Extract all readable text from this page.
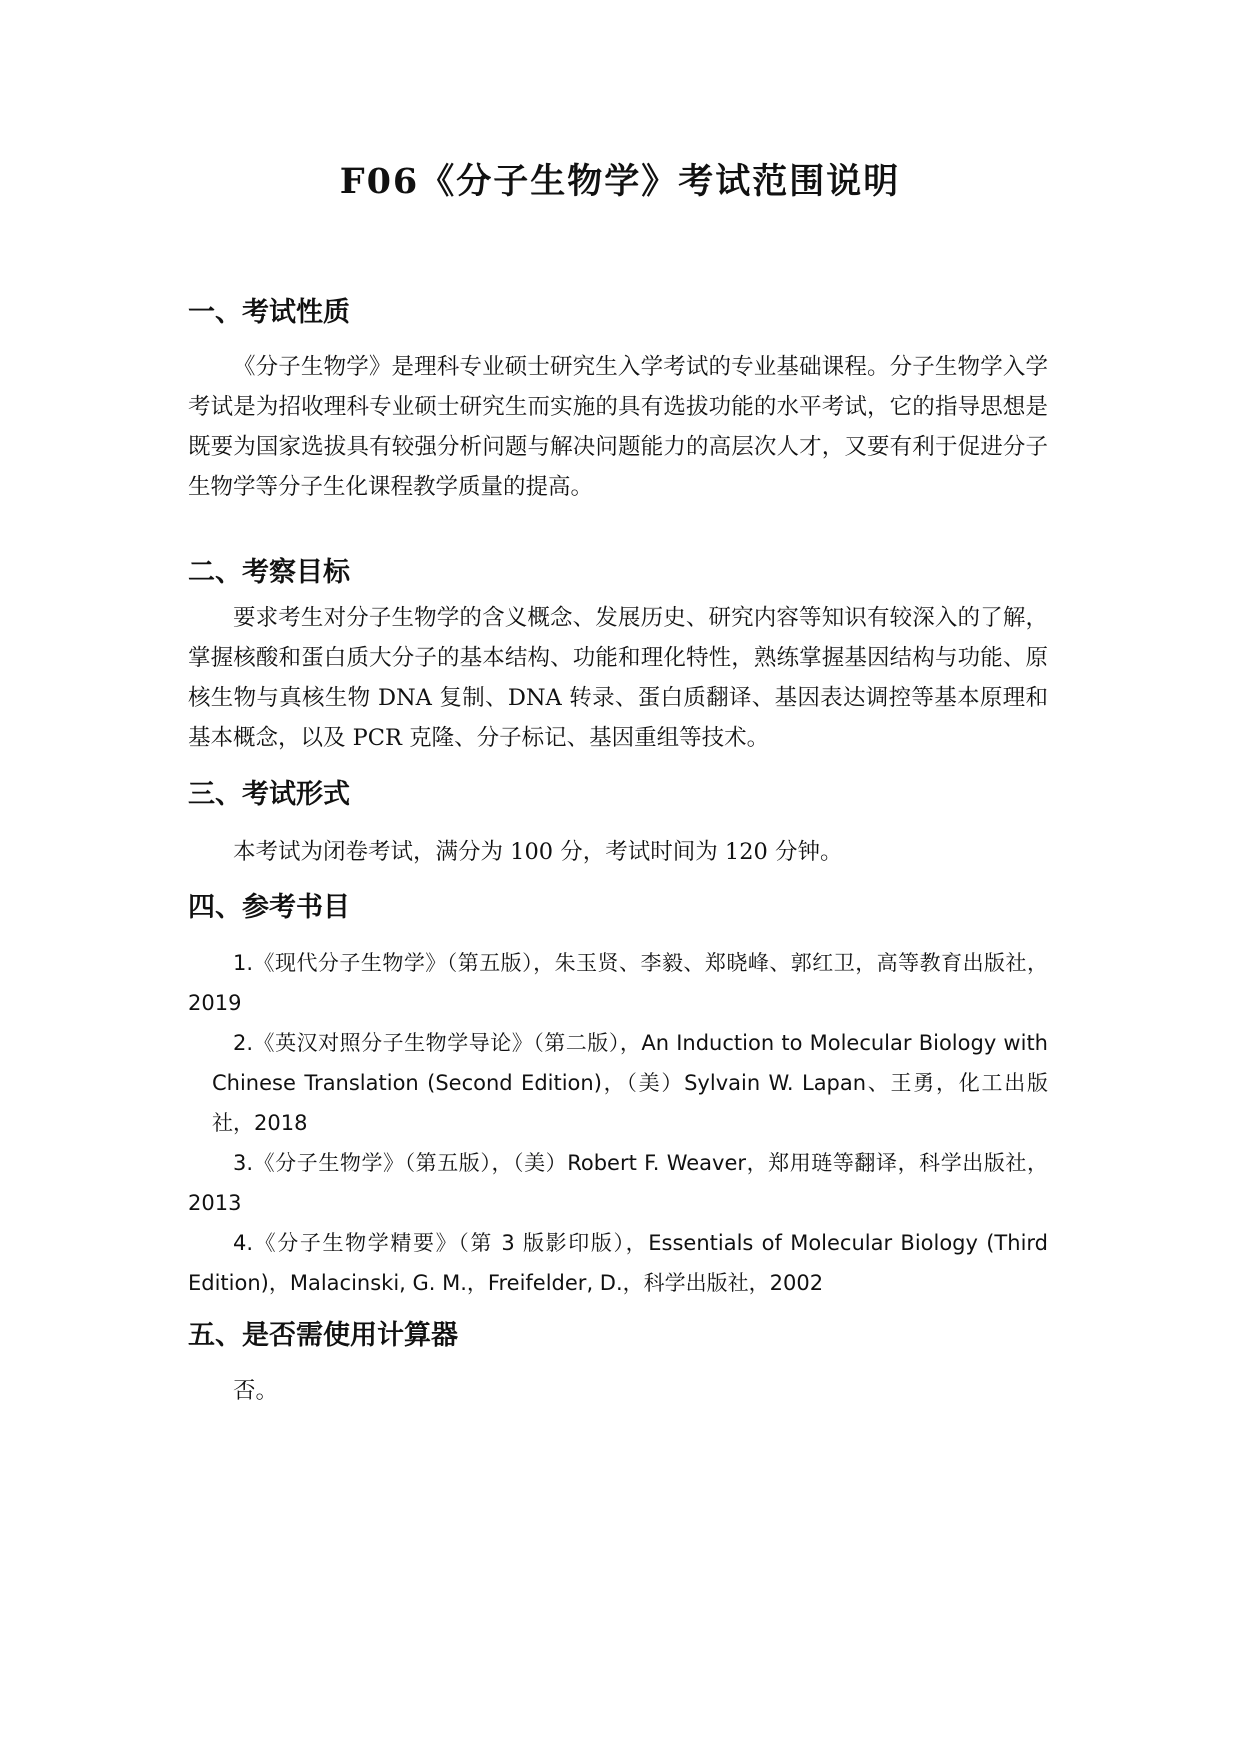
F06《分子生物学》考试范围说明
一、考试性质

《分子生物学》是理科专业硕士研究生入学考试的专业基础课程。分子生物学入学考试是为招收理科专业硕士研究生而实施的具有选拔功能的水平考试，它的指导思想是既要为国家选拔具有较强分析问题与解决问题能力的高层次人才，又要有利于促进分子生物学等分子生化课程教学质量的提高。

二、考察目标

要求考生对分子生物学的含义概念、发展历史、研究内容等知识有较深入的了解，掌握核酸和蛋白质大分子的基本结构、功能和理化特性，熟练掌握基因结构与功能、原核生物与真核生物 DNA 复制、DNA 转录、蛋白质翻译、基因表达调控等基本原理和基本概念，以及 PCR 克隆、分子标记、基因重组等技术。

三、考试形式

本考试为闭卷考试，满分为 100 分，考试时间为 120 分钟。

四、参考书目

1.《现代分子生物学》（第五版），朱玉贤、李毅、郑晓峰、郭红卫，高等教育出版社，2019

2.《英汉对照分子生物学导论》（第二版），An Induction to Molecular Biology with Chinese Translation (Second Edition)，（美）Sylvain W. Lapan、王勇，化工出版社，2018

3.《分子生物学》（第五版），（美）Robert F. Weaver，郑用琏等翻译，科学出版社，2013

4.《分子生物学精要》（第 3 版影印版），Essentials of Molecular Biology (Third Edition)，Malacinski, G. M.，Freifelder, D.，科学出版社，2002

五、是否需使用计算器

否。
